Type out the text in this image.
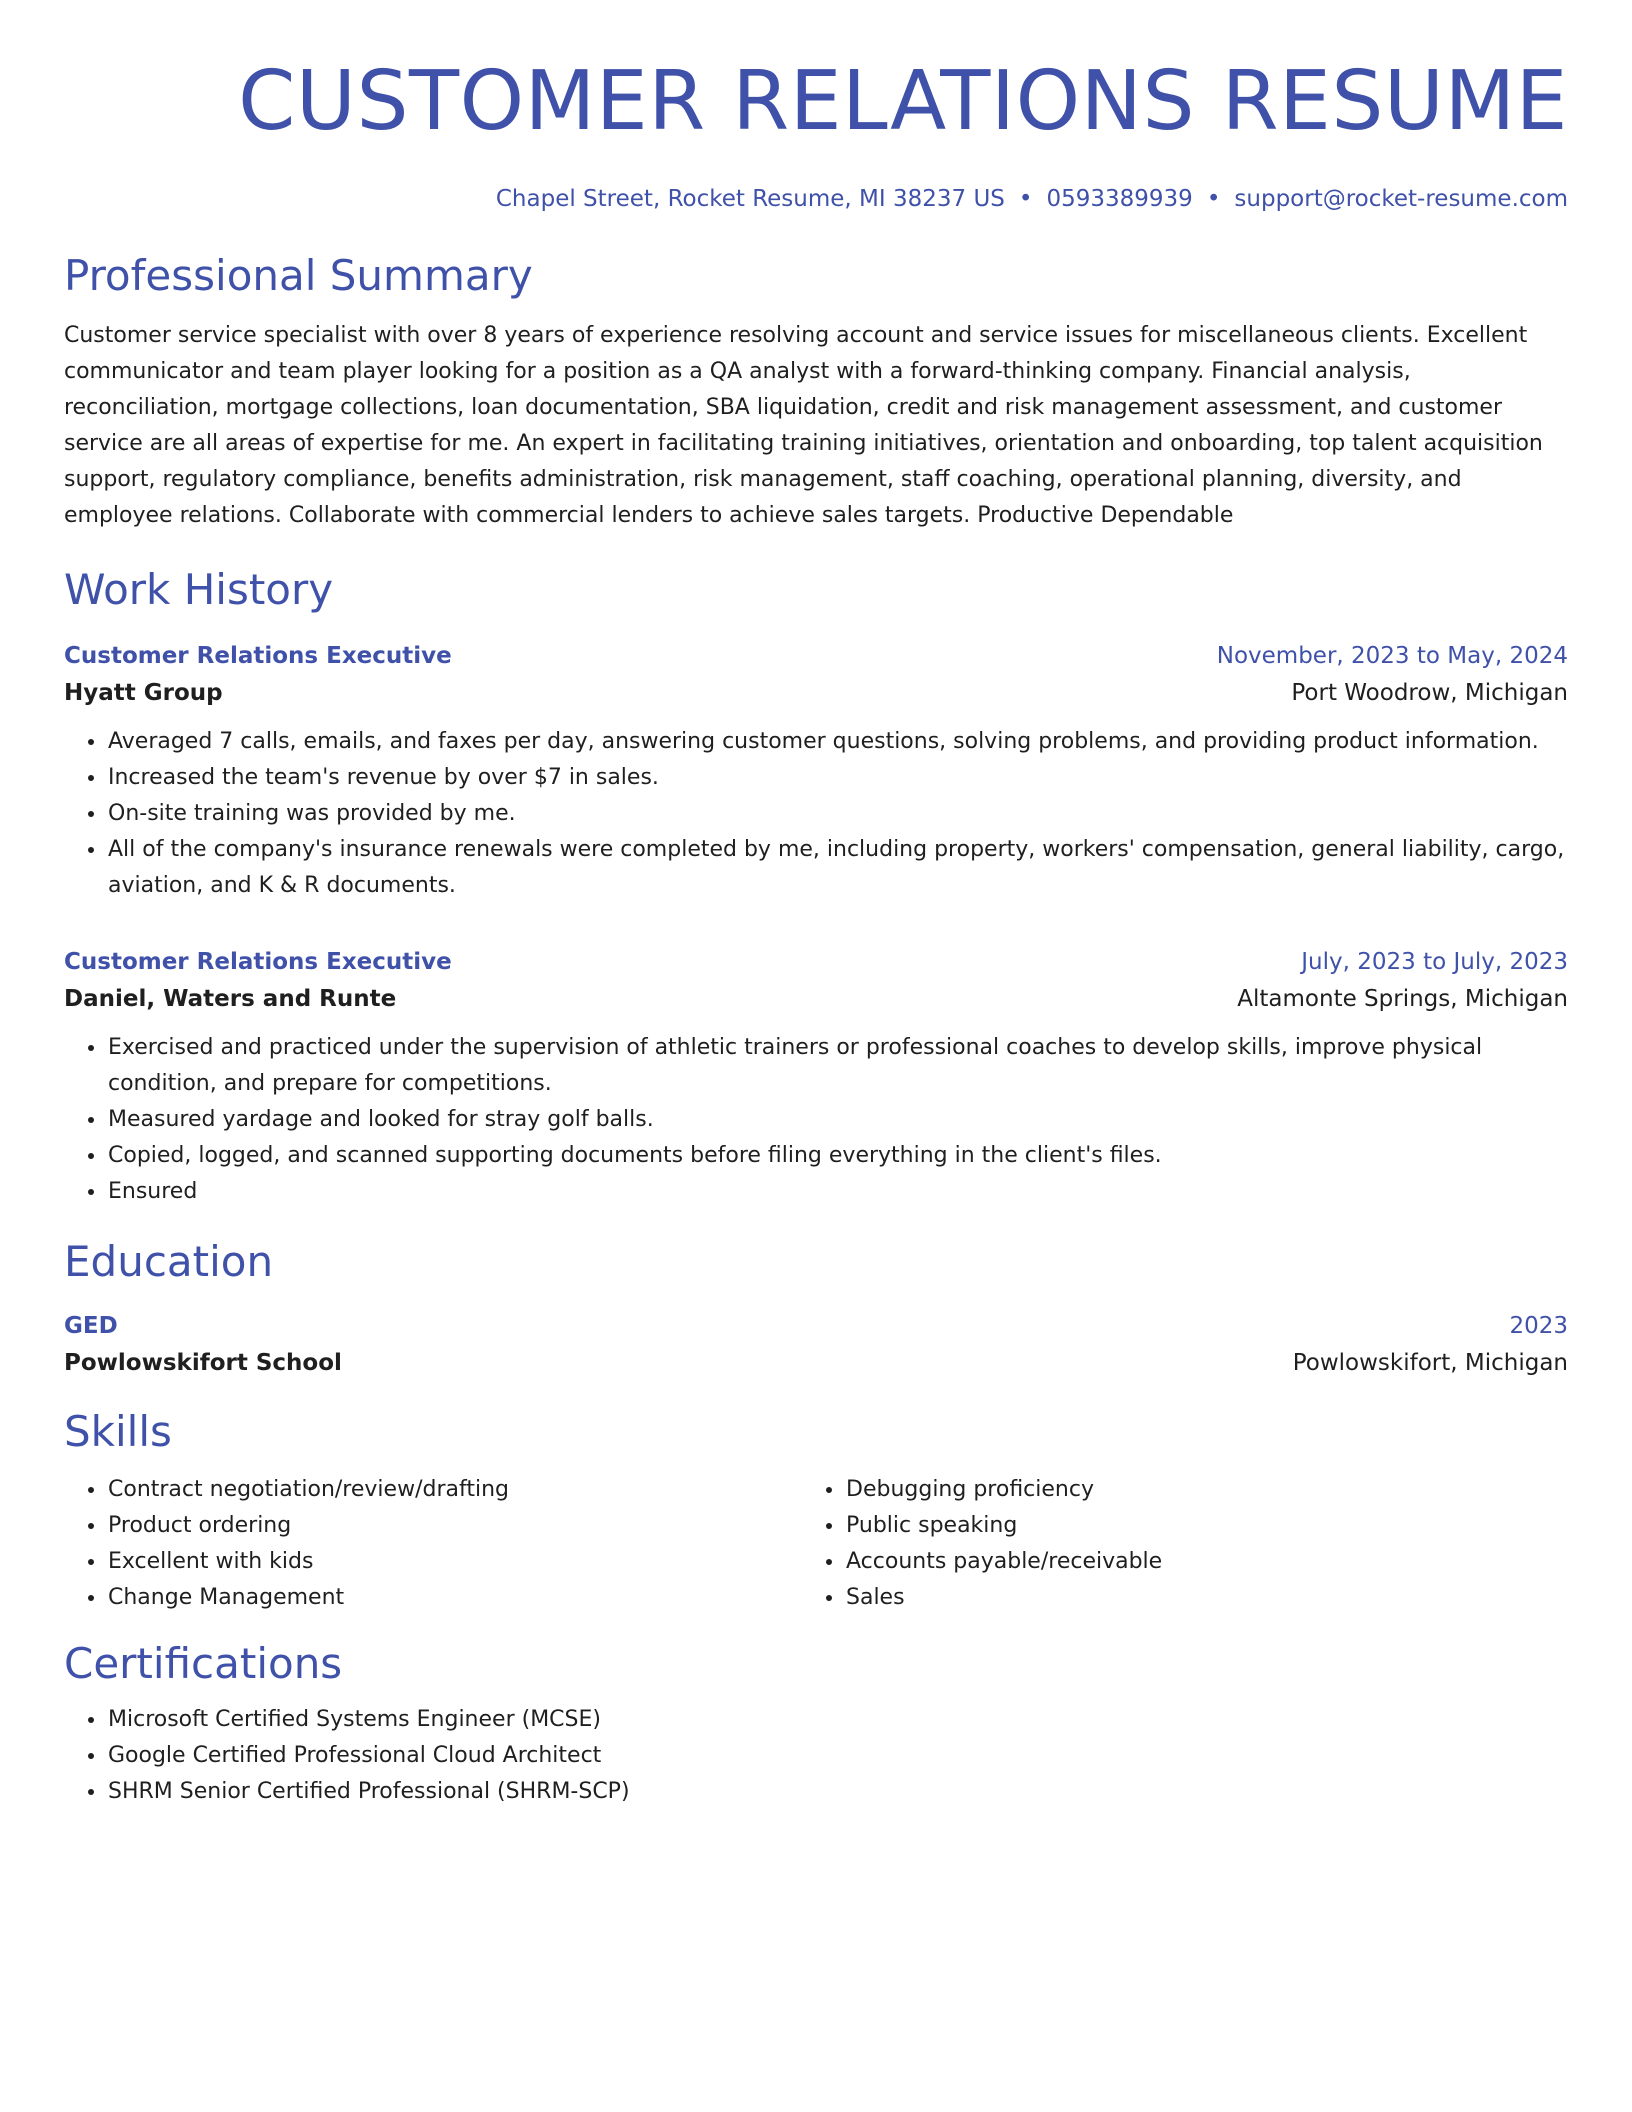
CUSTOMER RELATIONS RESUME
Chapel Street, Rocket Resume, MI 38237 US • 0593389939 • support@rocket-resume.com
Professional Summary

Customer service specialist with over 8 years of experience resolving account and service issues for miscellaneous clients. Excellent communicator and team player looking for a position as a QA analyst with a forward-thinking company. Financial analysis, reconciliation, mortgage collections, loan documentation, SBA liquidation, credit and risk management assessment, and customer service are all areas of expertise for me. An expert in facilitating training initiatives, orientation and onboarding, top talent acquisition support, regulatory compliance, benefits administration, risk management, staff coaching, operational planning, diversity, and employee relations. Collaborate with commercial lenders to achieve sales targets. Productive Dependable

Work History
Customer Relations Executive	November, 2023 to May, 2024
Hyatt Group	Port Woodrow, Michigan
• Averaged 7 calls, emails, and faxes per day, answering customer questions, solving problems, and providing product information.
• Increased the team's revenue by over $7 in sales.
• On-site training was provided by me.
• All of the company's insurance renewals were completed by me, including property, workers' compensation, general liability, cargo, aviation, and K & R documents.
Customer Relations Executive	July, 2023 to July, 2023
Daniel, Waters and Runte	Altamonte Springs, Michigan
• Exercised and practiced under the supervision of athletic trainers or professional coaches to develop skills, improve physical condition, and prepare for competitions.
• Measured yardage and looked for stray golf balls.
• Copied, logged, and scanned supporting documents before filing everything in the client's files.
• Ensured
Education
GED	2023
Powlowskifort School	Powlowskifort, Michigan
Skills
• Contract negotiation/review/drafting
• Product ordering
• Excellent with kids
• Change Management
• Debugging proficiency
• Public speaking
• Accounts payable/receivable
• Sales
Certifications
• Microsoft Certified Systems Engineer (MCSE)
• Google Certified Professional Cloud Architect
• SHRM Senior Certified Professional (SHRM-SCP)
